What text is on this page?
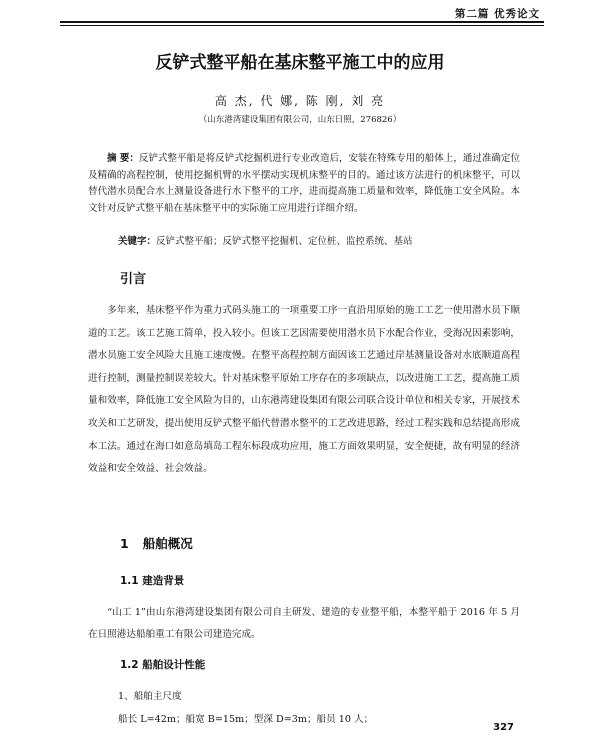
第二篇 优秀论文
反铲式整平船在基床整平施工中的应用
高 杰, 代 娜, 陈 刚, 刘 亮
（山东港湾建设集团有限公司，山东日照，276826）

摘 要：反铲式整平船是将反铲式挖掘机进行专业改造后，安装在特殊专用的船体上，通过准确定位及精确的高程控制，使用挖掘机臂的水平摆动实现机床整平的目的。通过该方法进行的机床整平，可以替代潜水员配合水上测量设备进行水下整平的工序，进而提高施工质量和效率，降低施工安全风险。本文针对反铲式整平船在基床整平中的实际施工应用进行详细介绍。

关键字：反铲式整平船；反铲式整平挖掘机、定位桩、监控系统、基站
引言

多年来，基床整平作为重力式码头施工的一项重要工序一直沿用原始的施工工艺一使用潜水员下顺道的工艺。该工艺施工简单，投入较小。但该工艺因需要使用潜水员下水配合作业，受海况因素影响，潜水员施工安全风险大且施工速度慢。在整平高程控制方面因该工艺通过岸基测量设备对水底顺道高程进行控制，测量控制误差较大。针对基床整平原始工序存在的多项缺点，以改进施工工艺，提高施工质量和效率，降低施工安全风险为目的，山东港湾建设集团有限公司联合设计单位和相关专家，开展技术攻关和工艺研发，提出使用反铲式整平船代替潜水整平的工艺改进思路，经过工程实践和总结提高形成本工法。通过在海口如意岛填岛工程东标段成功应用，施工方面效果明显，安全便捷，故有明显的经济效益和安全效益、社会效益。

1 船舶概况
1.1 建造背景

“山工 1”由山东港湾建设集团有限公司自主研发、建造的专业整平船，本整平船于 2016 年 5 月在日照港达船舶重工有限公司建造完成。

1.2 船舶设计性能
1、船舶主尺度
船长 L=42m；船宽 B=15m；型深 D=3m；船员 10 人；
327
